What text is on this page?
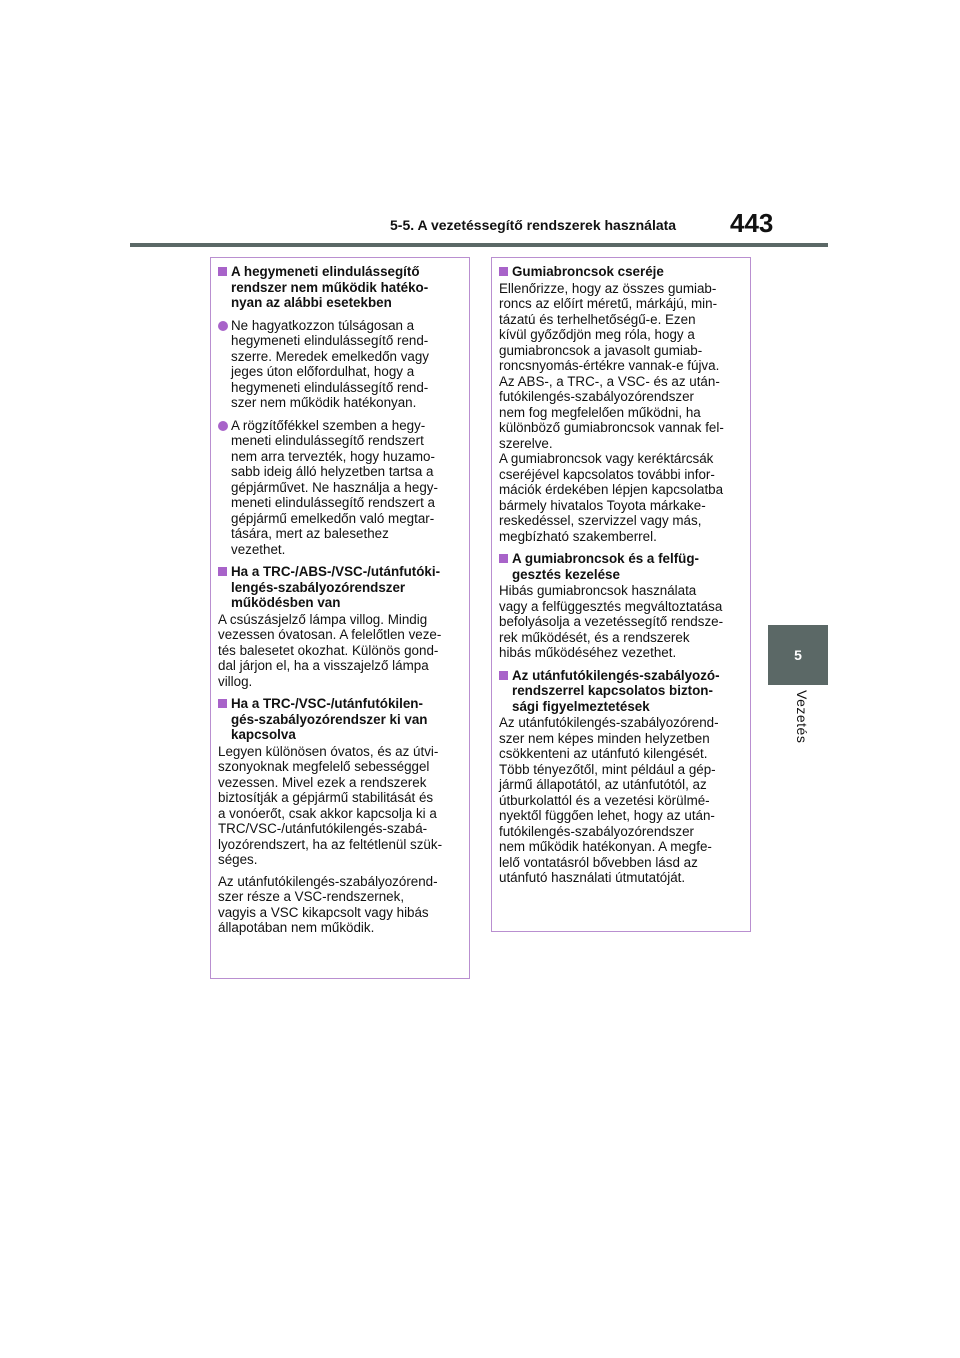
5-5. A vezetéssegítő rendszerek használata	443
5
Vezetés
A hegymeneti elindulássegítő
rendszer nem működik hatéko-
nyan az alábbi esetekben
Ne hagyatkozzon túlságosan a
hegymeneti elindulássegítő rend-
szerre. Meredek emelkedőn vagy
jeges úton előfordulhat, hogy a
hegymeneti elindulássegítő rend-
szer nem működik hatékonyan.
A rögzítőfékkel szemben a hegy-
meneti elindulássegítő rendszert
nem arra tervezték, hogy huzamo-
sabb ideig álló helyzetben tartsa a
gépjárművet. Ne használja a hegy-
meneti elindulássegítő rendszert a
gépjármű emelkedőn való megtar-
tására, mert az balesethez
vezethet.
Ha a TRC-/ABS-/VSC-/utánfutóki-
lengés-szabályozórendszer
működésben van
A csúszásjelző lámpa villog. Mindig
vezessen óvatosan. A felelőtlen veze-
tés balesetet okozhat. Különös gond-
dal járjon el, ha a visszajelző lámpa
villog.
Ha a TRC-/VSC-/utánfutókilen-
gés-szabályozórendszer ki van
kapcsolva
Legyen különösen óvatos, és az útvi-
szonyoknak megfelelő sebességgel
vezessen. Mivel ezek a rendszerek
biztosítják a gépjármű stabilitását és
a vonóerőt, csak akkor kapcsolja ki a
TRC/VSC-/utánfutókilengés-szabá-
lyozórendszert, ha az feltétlenül szük-
séges.
Az utánfutókilengés-szabályozórend-
szer része a VSC-rendszernek,
vagyis a VSC kikapcsolt vagy hibás
állapotában nem működik.
Gumiabroncsok cseréje
Ellenőrizze, hogy az összes gumiab-
roncs az előírt méretű, márkájú, min-
tázatú és terhelhetőségű-e. Ezen
kívül győződjön meg róla, hogy a
gumiabroncsok a javasolt gumiab-
roncsnyomás-értékre vannak-e fújva.
Az ABS-, a TRC-, a VSC- és az után-
futókilengés-szabályozórendszer
nem fog megfelelően működni, ha
különböző gumiabroncsok vannak fel-
szerelve.
A gumiabroncsok vagy keréktárcsák
cseréjével kapcsolatos további infor-
mációk érdekében lépjen kapcsolatba
bármely hivatalos Toyota márkake-
reskedéssel, szervizzel vagy más,
megbízható szakemberrel.
A gumiabroncsok és a felfüg-
gesztés kezelése
Hibás gumiabroncsok használata
vagy a felfüggesztés megváltoztatása
befolyásolja a vezetéssegítő rendsze-
rek működését, és a rendszerek
hibás működéséhez vezethet.
Az utánfutókilengés-szabályozó-
rendszerrel kapcsolatos bizton-
sági figyelmeztetések
Az utánfutókilengés-szabályozórend-
szer nem képes minden helyzetben
csökkenteni az utánfutó kilengését.
Több tényezőtől, mint például a gép-
jármű állapotától, az utánfutótól, az
útburkolattól és a vezetési körülmé-
nyektől függően lehet, hogy az után-
futókilengés-szabályozórendszer
nem működik hatékonyan. A megfe-
lelő vontatásról bővebben lásd az
utánfutó használati útmutatóját.
